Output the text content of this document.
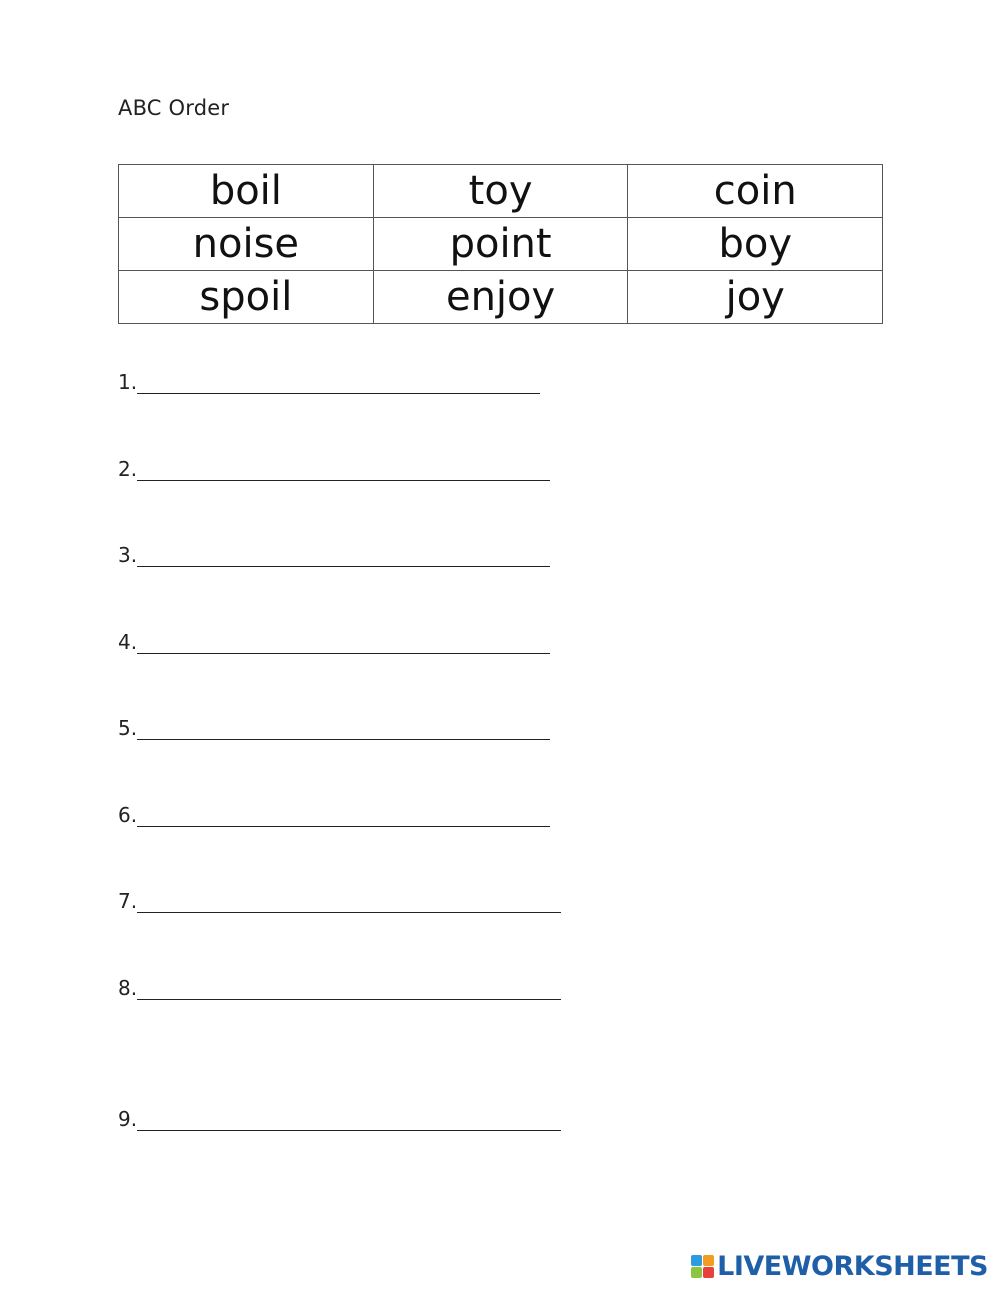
ABC Order
boil	toy	coin
noise	point	boy
spoil	enjoy	joy
1.
2.
3.
4.
5.
6.
7.
8.
9.
LIVEWORKSHEETS
